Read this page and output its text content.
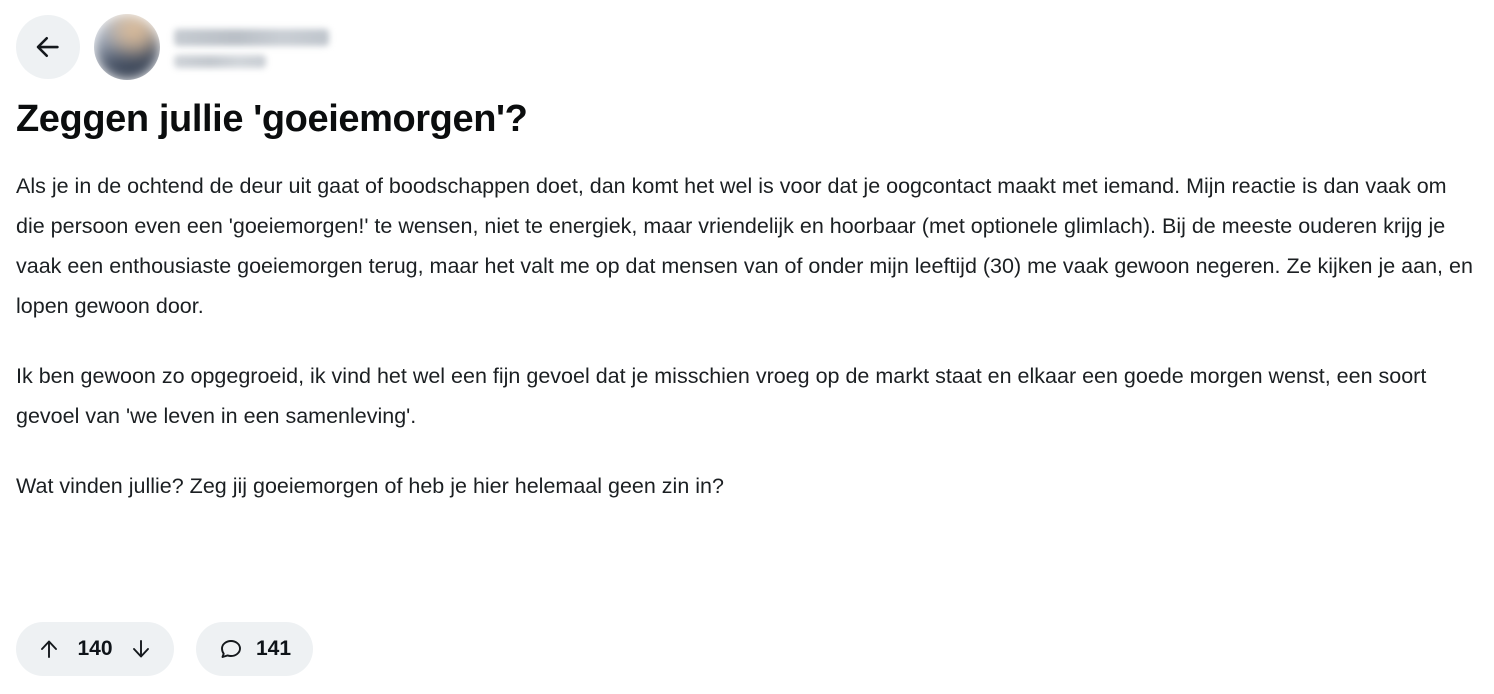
Zeggen jullie 'goeiemorgen'?

Als je in de ochtend de deur uit gaat of boodschappen doet, dan komt het wel is voor dat je oogcontact maakt met iemand. Mijn reactie is dan vaak om die persoon even een 'goeiemorgen!' te wensen, niet te energiek, maar vriendelijk en hoorbaar (met optionele glimlach). Bij de meeste ouderen krijg je vaak een enthousiaste goeiemorgen terug, maar het valt me op dat mensen van of onder mijn leeftijd (30) me vaak gewoon negeren. Ze kijken je aan, en lopen gewoon door.

Ik ben gewoon zo opgegroeid, ik vind het wel een fijn gevoel dat je misschien vroeg op de markt staat en elkaar een goede morgen wenst, een soort gevoel van 'we leven in een samenleving'.

Wat vinden jullie? Zeg jij goeiemorgen of heb je hier helemaal geen zin in?

140	141
